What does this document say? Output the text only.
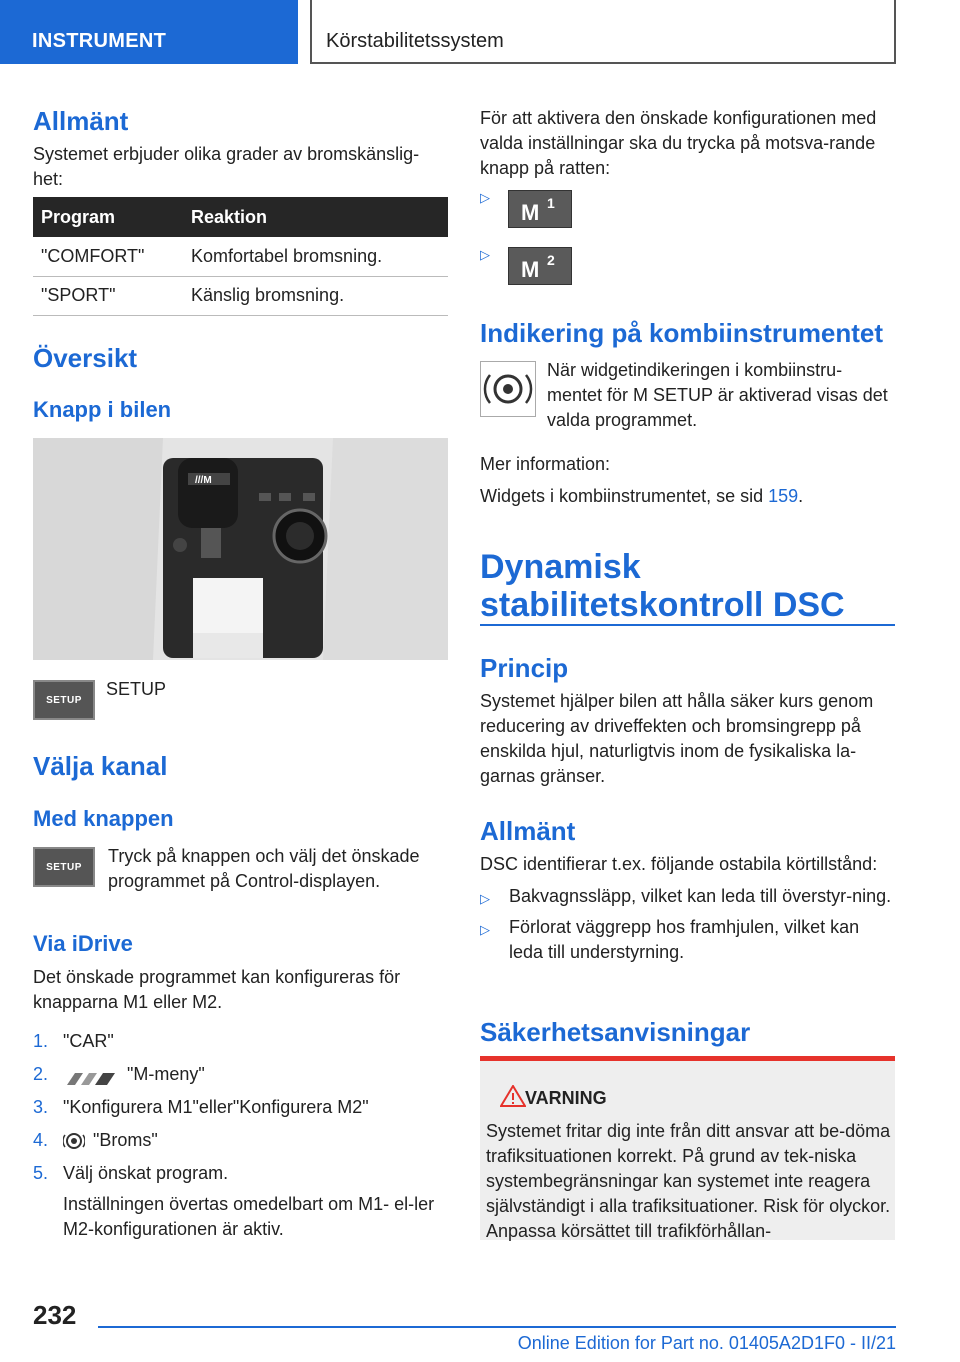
INSTRUMENT	Körstabilitetssystem
Allmänt
Systemet erbjuder olika grader av bromskänslig-het:
Program	Reaktion
"COMFORT"	Komfortabel bromsning.
"SPORT"	Känslig bromsning.
Översikt
Knapp i bilen
///M
SETUP
SETUP
Välja kanal
Med knappen
SETUP
Tryck på knappen och välj det önskade programmet på Control-displayen.
Via iDrive
Det önskade programmet kan konfigureras för knapparna M1 eller M2.
1. "CAR"
2.	"M-meny"
3. "Konfigurera M1"eller"Konfigurera M2"
4. "Broms"
5. Välj önskat program.
Inställningen övertas omedelbart om M1- el-ler M2-konfigurationen är aktiv.
För att aktivera den önskade konfigurationen med valda inställningar ska du trycka på motsva-rande knapp på ratten:
▷
M 1
▷
M 2
Indikering på kombiinstrumentet
När widgetindikeringen i kombiinstru-mentet för M SETUP är aktiverad visas det valda programmet.
Mer information:
Widgets i kombiinstrumentet, se sid 159.
Dynamisk stabilitetskontroll DSC
Princip
Systemet hjälper bilen att hålla säker kurs genom reducering av driveffekten och bromsingrepp på enskilda hjul, naturligtvis inom de fysikaliska la-garnas gränser.
Allmänt
DSC identifierar t.ex. följande ostabila körtillstånd:
▷ Bakvagnssläpp, vilket kan leda till överstyr-ning.
▷ Förlorat väggrepp hos framhjulen, vilket kan leda till understyrning.
Säkerhetsanvisningar
VARNING
Systemet fritar dig inte från ditt ansvar att be-döma trafiksituationen korrekt. På grund av tek-niska systembegränsningar kan systemet inte reagera självständigt i alla trafiksituationer. Risk för olyckor. Anpassa körsättet till trafikförhållan-
232
Online Edition for Part no. 01405A2D1F0 - II/21
